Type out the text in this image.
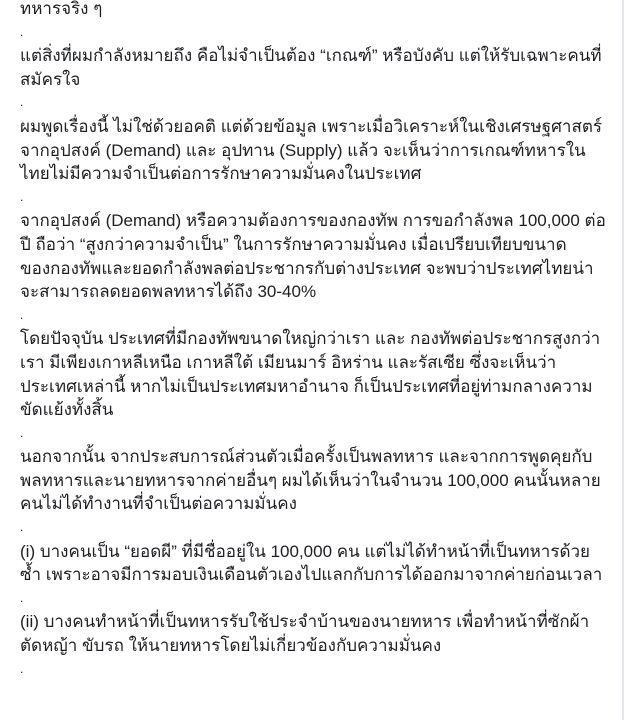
ทหารจริง ๆ

.

แต่สิ่งที่ผมกำลังหมายถึง คือไม่จำเป็นต้อง “เกณฑ์” หรือบังคับ แต่ให้รับเฉพาะคนที่สมัครใจ

.

ผมพูดเรื่องนี้ ไม่ใช่ด้วยอคติ แต่ด้วยข้อมูล เพราะเมื่อวิเคราะห์ในเชิงเศรษฐศาสตร์จากอุปสงค์ (Demand) และ อุปทาน (Supply) แล้ว จะเห็นว่าการเกณฑ์ทหารในไทยไม่มีความจำเป็นต่อการรักษาความมั่นคงในประเทศ

.

จากอุปสงค์ (Demand) หรือความต้องการของกองทัพ การขอกำลังพล 100,000 ต่อปี ถือว่า “สูงกว่าความจำเป็น” ในการรักษาความมั่นคง เมื่อเปรียบเทียบขนาดของกองทัพและยอดกำลังพลต่อประชากรกับต่างประเทศ จะพบว่าประเทศไทยน่าจะสามารถลดยอดพลทหารได้ถึง 30-40%

.

โดยปัจจุบัน ประเทศที่มีกองทัพขนาดใหญ่กว่าเรา และ กองทัพต่อประชากรสูงกว่าเรา มีเพียงเกาหลีเหนือ เกาหลีใต้ เมียนมาร์ อิหร่าน และรัสเซีย ซึ่งจะเห็นว่าประเทศเหล่านี้ หากไม่เป็นประเทศมหาอำนาจ ก็เป็นประเทศที่อยู่ท่ามกลางความขัดแย้งทั้งสิ้น

.

นอกจากนั้น จากประสบการณ์ส่วนตัวเมื่อครั้งเป็นพลทหาร และจากการพูดคุยกับพลทหารและนายทหารจากค่ายอื่นๆ ผมได้เห็นว่าในจำนวน 100,000 คนนั้นหลายคนไม่ได้ทำงานที่จำเป็นต่อความมั่นคง

.

(i) บางคนเป็น “ยอดผี” ที่มีชื่ออยู่ใน 100,000 คน แต่ไม่ได้ทำหน้าที่เป็นทหารด้วยซ้ำ เพราะอาจมีการมอบเงินเดือนตัวเองไปแลกกับการได้ออกมาจากค่ายก่อนเวลา

.

(ii) บางคนทำหน้าที่เป็นทหารรับใช้ประจำบ้านของนายทหาร เพื่อทำหน้าที่ซักผ้า ตัดหญ้า ขับรถ ให้นายทหารโดยไม่เกี่ยวข้องกับความมั่นคง

.
